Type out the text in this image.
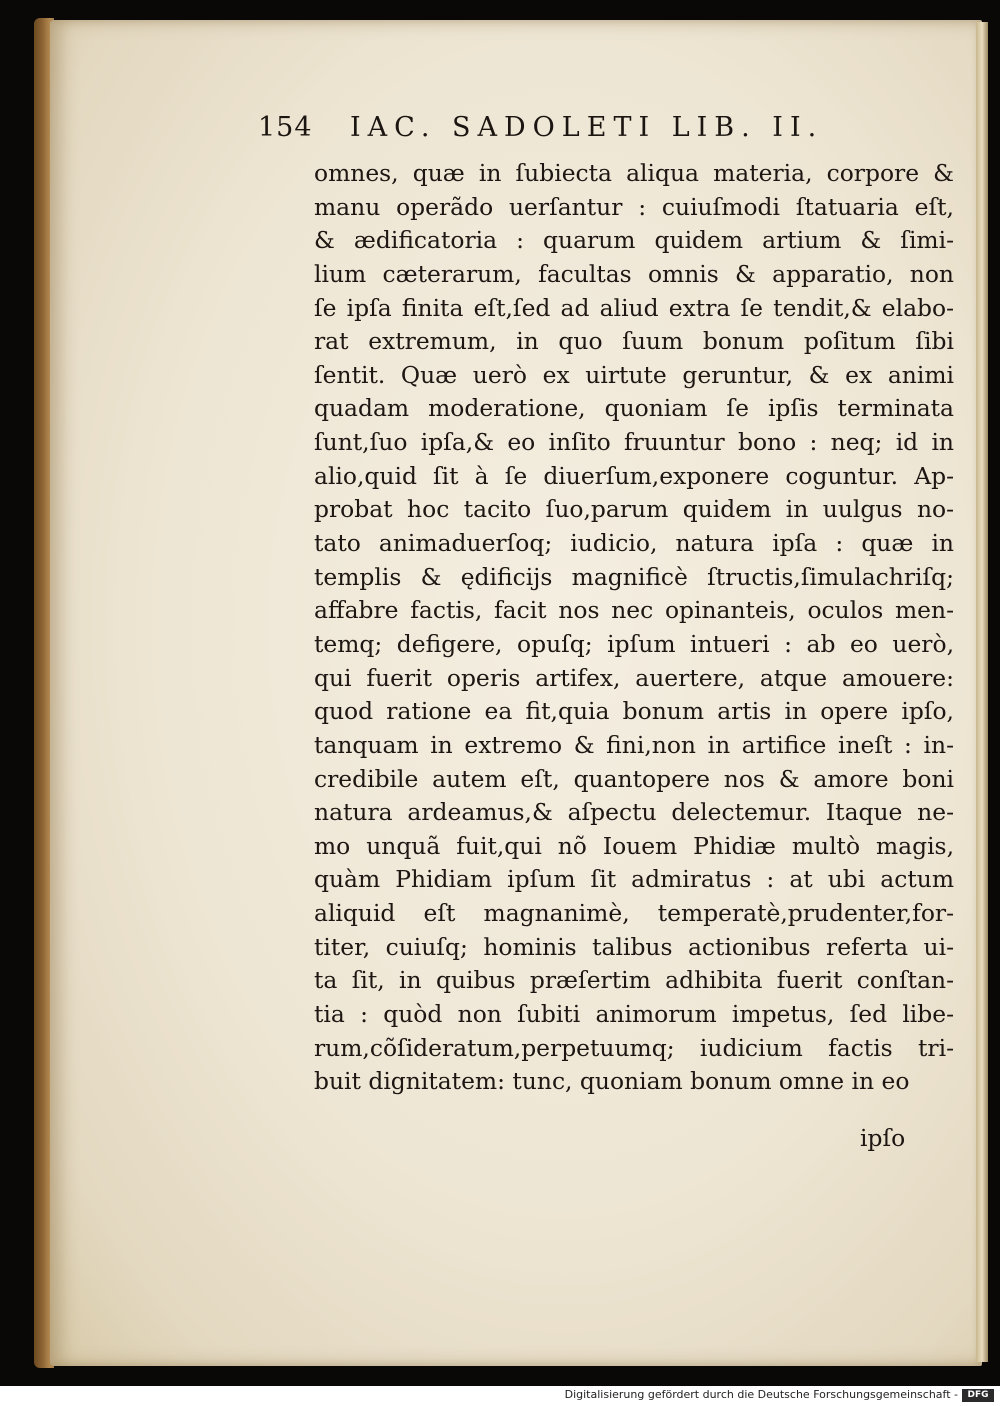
154 IAC. SADOLETI LIB. II.
omnes, quæ in ſubiecta aliqua materia, corpore &
manu operãdo uerſantur : cuiuſmodi ſtatuaria eſt,
& ædificatoria : quarum quidem artium & ſimi-
lium cæterarum, facultas omnis & apparatio, non
ſe ipſa finita eſt,ſed ad aliud extra ſe tendit,& elabo-
rat extremum, in quo ſuum bonum poſitum ſibi
ſentit. Quæ uerò ex uirtute geruntur, & ex animi
quadam moderatione, quoniam ſe ipſis terminata
ſunt,ſuo ipſa,& eo inſito fruuntur bono : neq; id in
alio,quid ſit à ſe diuerſum,exponere coguntur. Ap-
probat hoc tacito ſuo,parum quidem in uulgus no-
tato animaduerſoq; iudicio, natura ipſa : quæ in
templis & ędificijs magnificè ſtructis,ſimulachriſq;
affabre factis, facit nos nec opinanteis, oculos men-
temq; defigere, opuſq; ipſum intueri : ab eo uerò,
qui fuerit operis artifex, auertere, atque amouere:
quod ratione ea fit,quia bonum artis in opere ipſo,
tanquam in extremo & fini,non in artifice ineſt : in-
credibile autem eſt, quantopere nos & amore boni
natura ardeamus,& aſpectu delectemur. Itaque ne-
mo unquã fuit,qui nõ Iouem Phidiæ multò magis,
quàm Phidiam ipſum ſit admiratus : at ubi actum
aliquid eſt magnanimè, temperatè,prudenter,for-
titer, cuiuſq; hominis talibus actionibus referta ui-
ta ſit, in quibus præſertim adhibita fuerit conſtan-
tia : quòd non ſubiti animorum impetus, ſed libe-
rum,cõſideratum,perpetuumq; iudicium factis tri-
buit dignitatem: tunc, quoniam bonum omne in eo
ipſo
Digitalisierung gefördert durch die Deutsche Forschungsgemeinschaft -	DFG
